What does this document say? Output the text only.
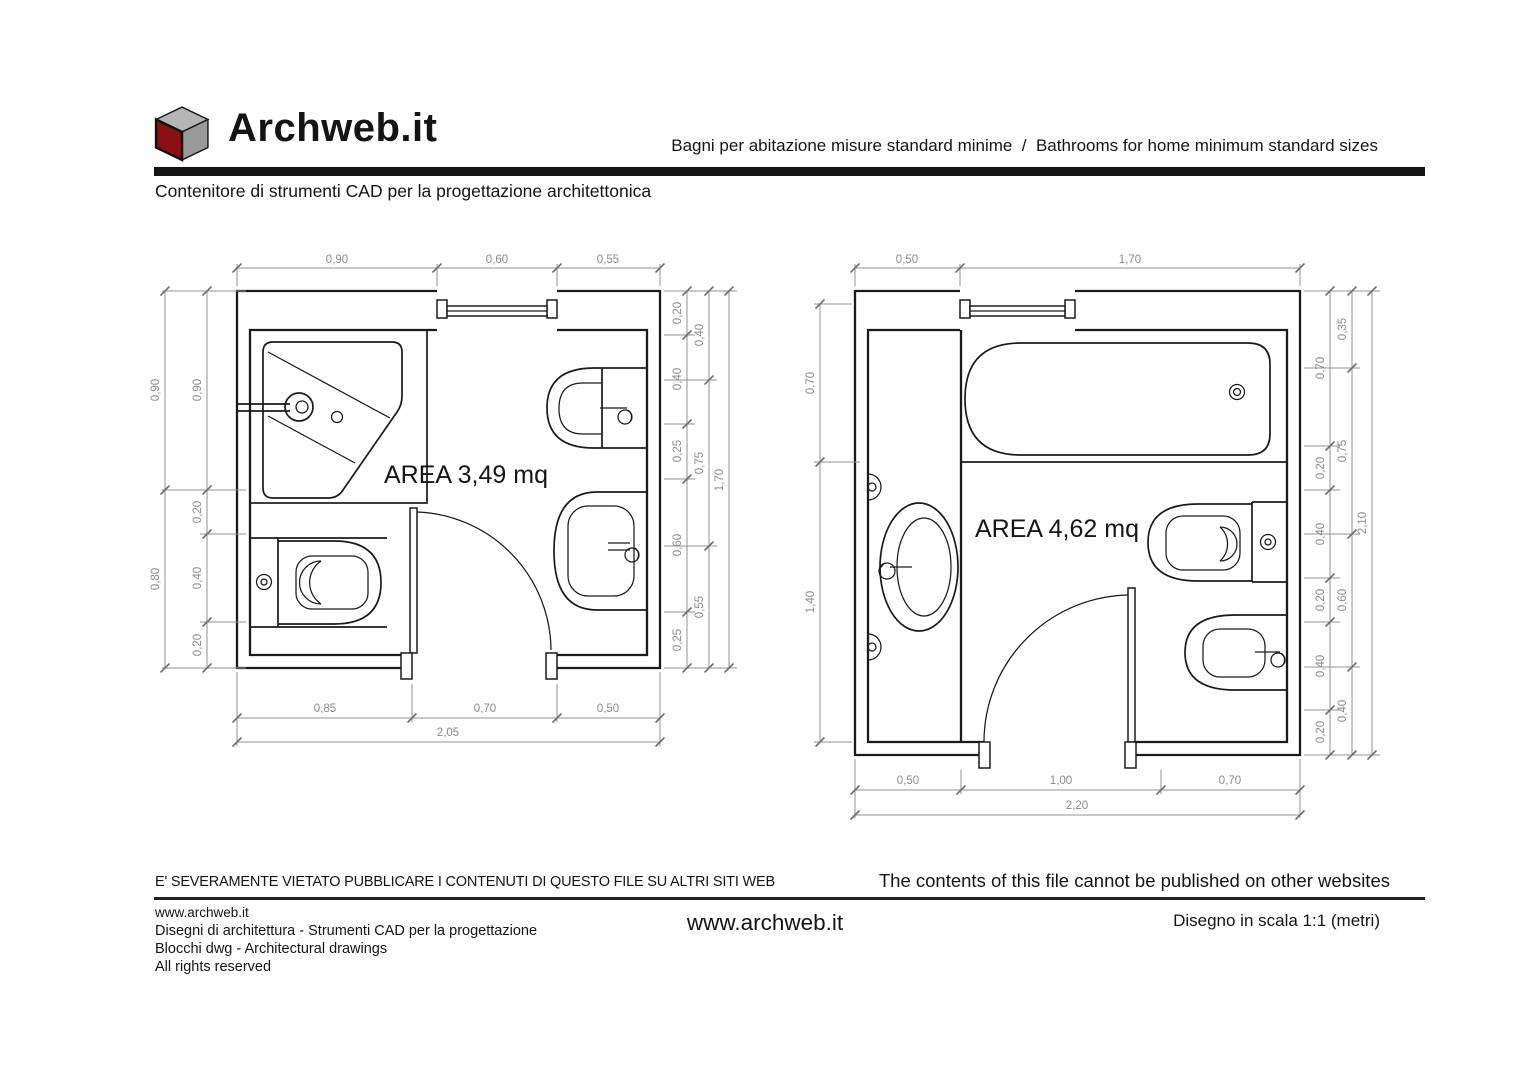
Archweb.it	Bagni per abitazione misure standard minime  /  Bathrooms for home minimum standard sizes
Contenitore di strumenti CAD per la progettazione architettonica
AREA 3,49 mq
0,90	0,60	0,55
0,90
0,80
0,90
0,20
0,40
0,20
0,20
0,40
0,25
0,60
0,25
0,40
0,75
0,55
1,70
0,85	0,70	0,50
2,05
AREA 4,62 mq
0,50	1,70
0,70
1,40
0,70
0,20
0,40
0,20
0,40
0,20
0,35
0,75
0,60
0,40
2,10
0,50	1,00	0,70
2,20
E' SEVERAMENTE VIETATO PUBBLICARE I CONTENUTI DI QUESTO FILE SU ALTRI SITI WEB	The contents of this file cannot be published on other websites
www.archweb.it
Disegni di architettura - Strumenti CAD per la progettazione
Blocchi dwg - Architectural drawings
All rights reserved
www.archweb.it	Disegno in scala 1:1 (metri)
